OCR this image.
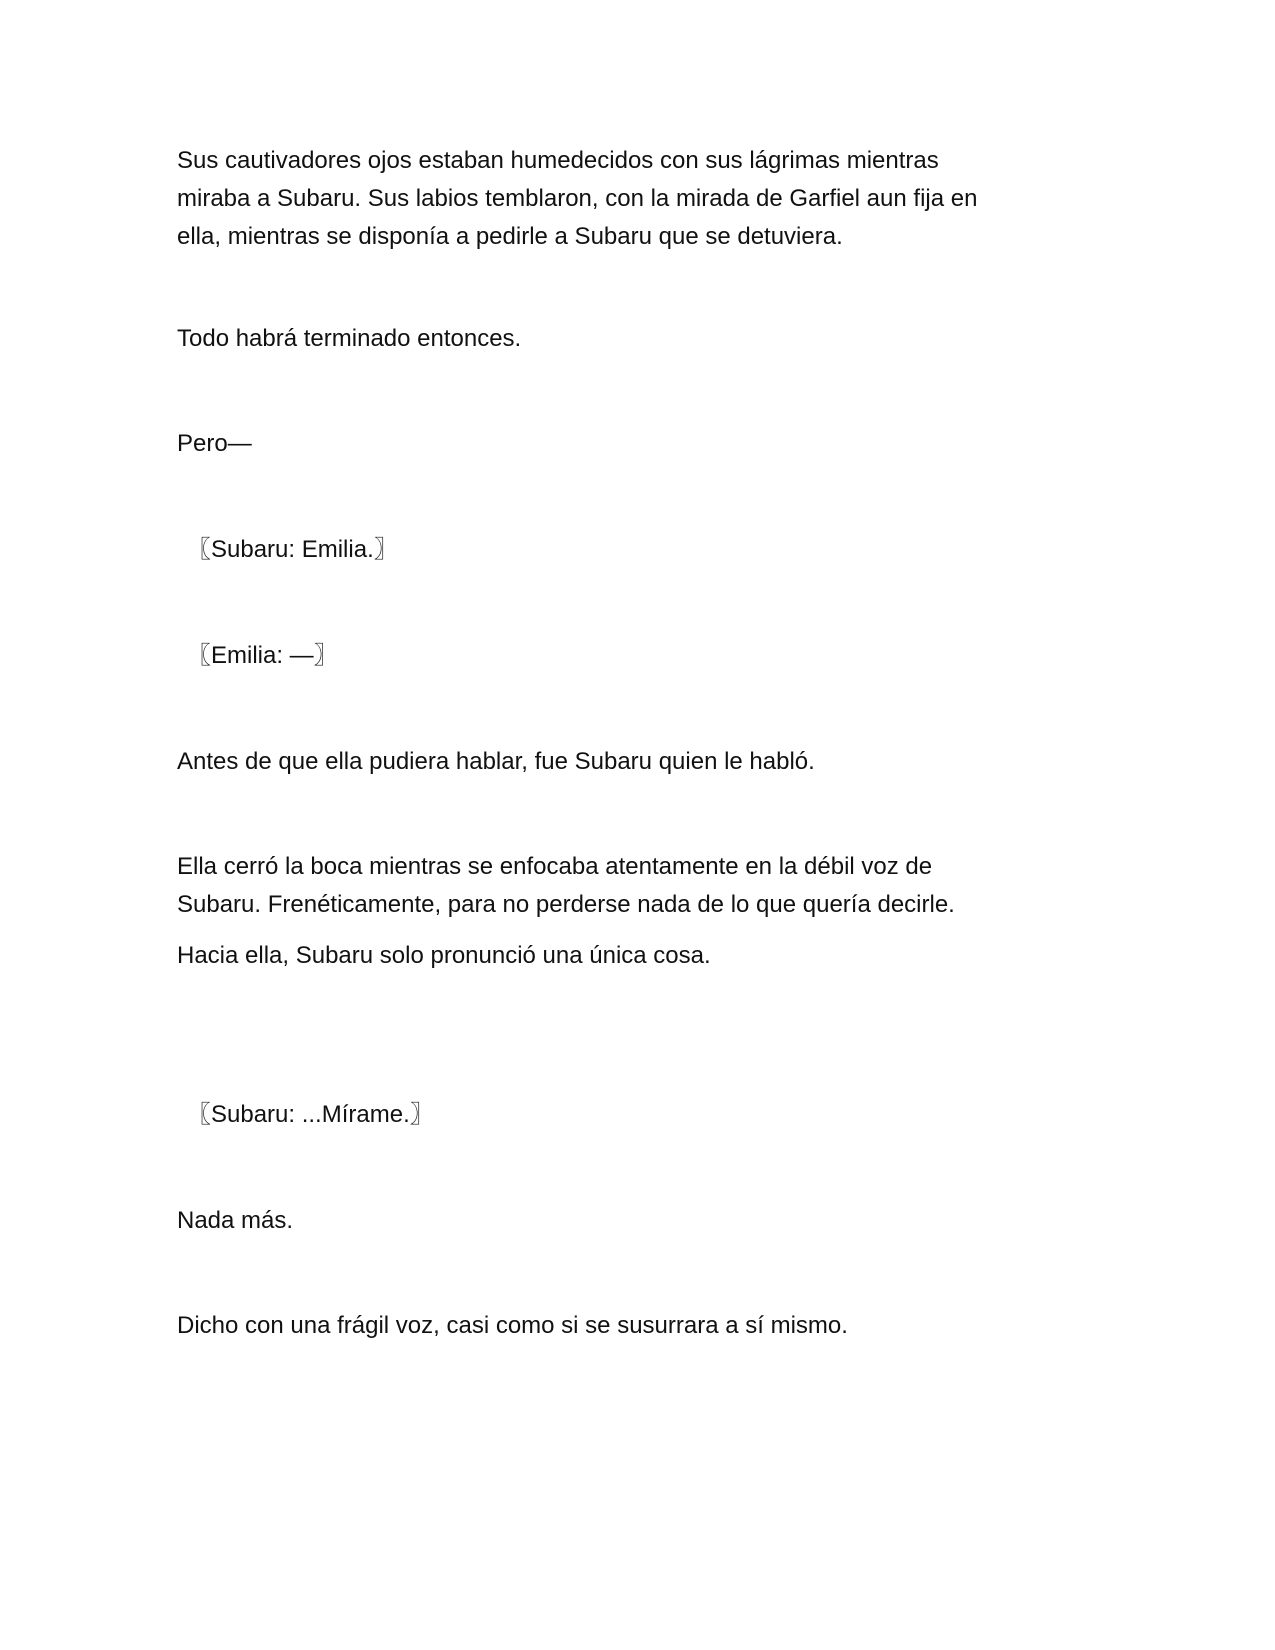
Sus cautivadores ojos estaban humedecidos con sus lágrimas mientras
miraba a Subaru. Sus labios temblaron, con la mirada de Garfiel aun fija en
ella, mientras se disponía a pedirle a Subaru que se detuviera.

Todo habrá terminado entonces.

Pero—

〖Subaru: Emilia.〗

〖Emilia: —〗

Antes de que ella pudiera hablar, fue Subaru quien le habló.

Ella cerró la boca mientras se enfocaba atentamente en la débil voz de
Subaru. Frenéticamente, para no perderse nada de lo que quería decirle.

Hacia ella, Subaru solo pronunció una única cosa.

〖Subaru: ...Mírame.〗

Nada más.

Dicho con una frágil voz, casi como si se susurrara a sí mismo.
